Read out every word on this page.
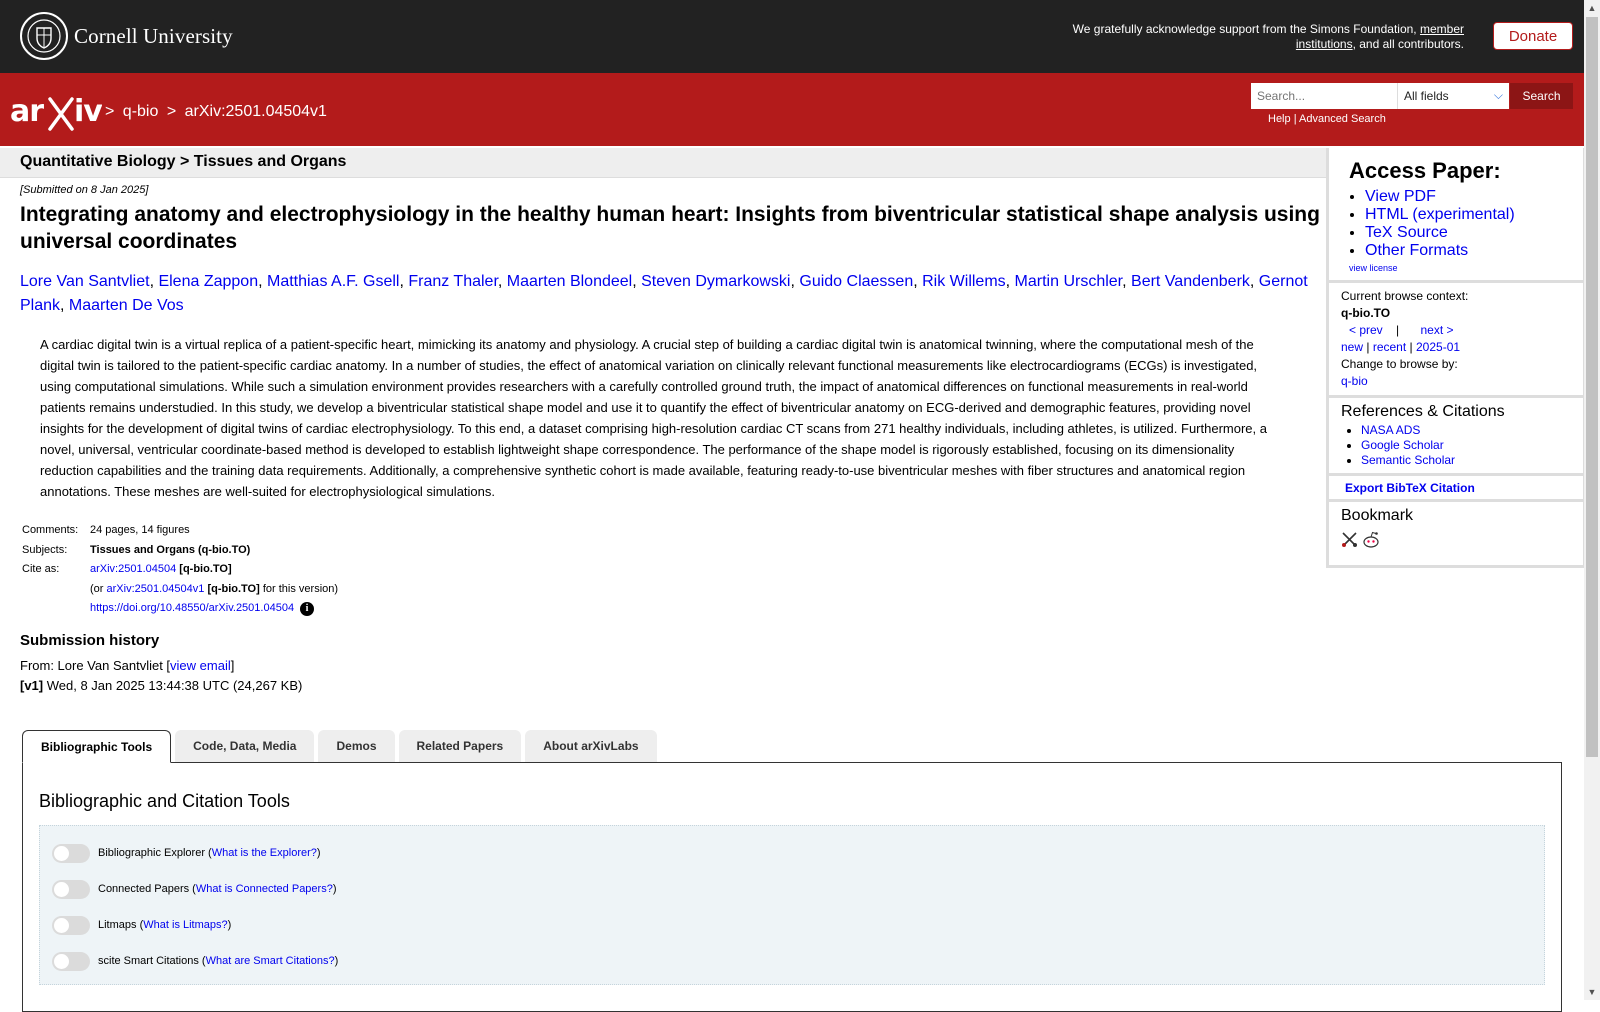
Cornell University	We gratefully acknowledge support from the Simons Foundation, member institutions, and all contributors.	Donate
ar iv > q-bio > arXiv:2501.04504v1
Search...
All fields	⌵	Search
Help | Advanced Search
Quantitative Biology > Tissues and Organs
[Submitted on 8 Jan 2025]
Integrating anatomy and electrophysiology in the healthy human heart: Insights from biventricular statistical shape analysis using universal coordinates
Lore Van Santvliet, Elena Zappon, Matthias A.F. Gsell, Franz Thaler, Maarten Blondeel, Steven Dymarkowski, Guido Claessen, Rik Willems, Martin Urschler, Bert Vandenberk, Gernot Plank, Maarten De Vos

A cardiac digital twin is a virtual replica of a patient-specific heart, mimicking its anatomy and physiology. A crucial step of building a cardiac digital twin is anatomical twinning, where the computational mesh of the digital twin is tailored to the patient-specific cardiac anatomy. In a number of studies, the effect of anatomical variation on clinically relevant functional measurements like electrocardiograms (ECGs) is investigated, using computational simulations. While such a simulation environment provides researchers with a carefully controlled ground truth, the impact of anatomical differences on functional measurements in real-world patients remains understudied. In this study, we develop a biventricular statistical shape model and use it to quantify the effect of biventricular anatomy on ECG-derived and demographic features, providing novel insights for the development of digital twins of cardiac electrophysiology. To this end, a dataset comprising high-resolution cardiac CT scans from 271 healthy individuals, including athletes, is utilized. Furthermore, a novel, universal, ventricular coordinate-based method is developed to establish lightweight shape correspondence. The performance of the shape model is rigorously established, focusing on its dimensionality reduction capabilities and the training data requirements. Additionally, a comprehensive synthetic cohort is made available, featuring ready-to-use biventricular meshes with fiber structures and anatomical region annotations. These meshes are well-suited for electrophysiological simulations.

Comments:	24 pages, 14 figures
Subjects:	Tissues and Organs (q-bio.TO)
Cite as:	arXiv:2501.04504 [q-bio.TO]
	(or arXiv:2501.04504v1 [q-bio.TO] for this version)
	https://doi.org/10.48550/arXiv.2501.04504 i
Submission history
From: Lore Van Santvliet [view email]
[v1] Wed, 8 Jan 2025 13:44:38 UTC (24,267 KB)
Access Paper:
• View PDF
• HTML (experimental)
• TeX Source
• Other Formats
view license
Current browse context:
q-bio.TO
< prev | next >
new | recent | 2025-01
Change to browse by:
q-bio
References & Citations
• NASA ADS
• Google Scholar
• Semantic Scholar
Export BibTeX Citation
Bookmark
Bibliographic Tools	Code, Data, Media	Demos	Related Papers	About arXivLabs
Bibliographic and Citation Tools
Bibliographic Explorer ( What is the Explorer? )
Connected Papers ( What is Connected Papers? )
Litmaps ( What is Litmaps? )
scite Smart Citations ( What are Smart Citations? )
▲
▼
